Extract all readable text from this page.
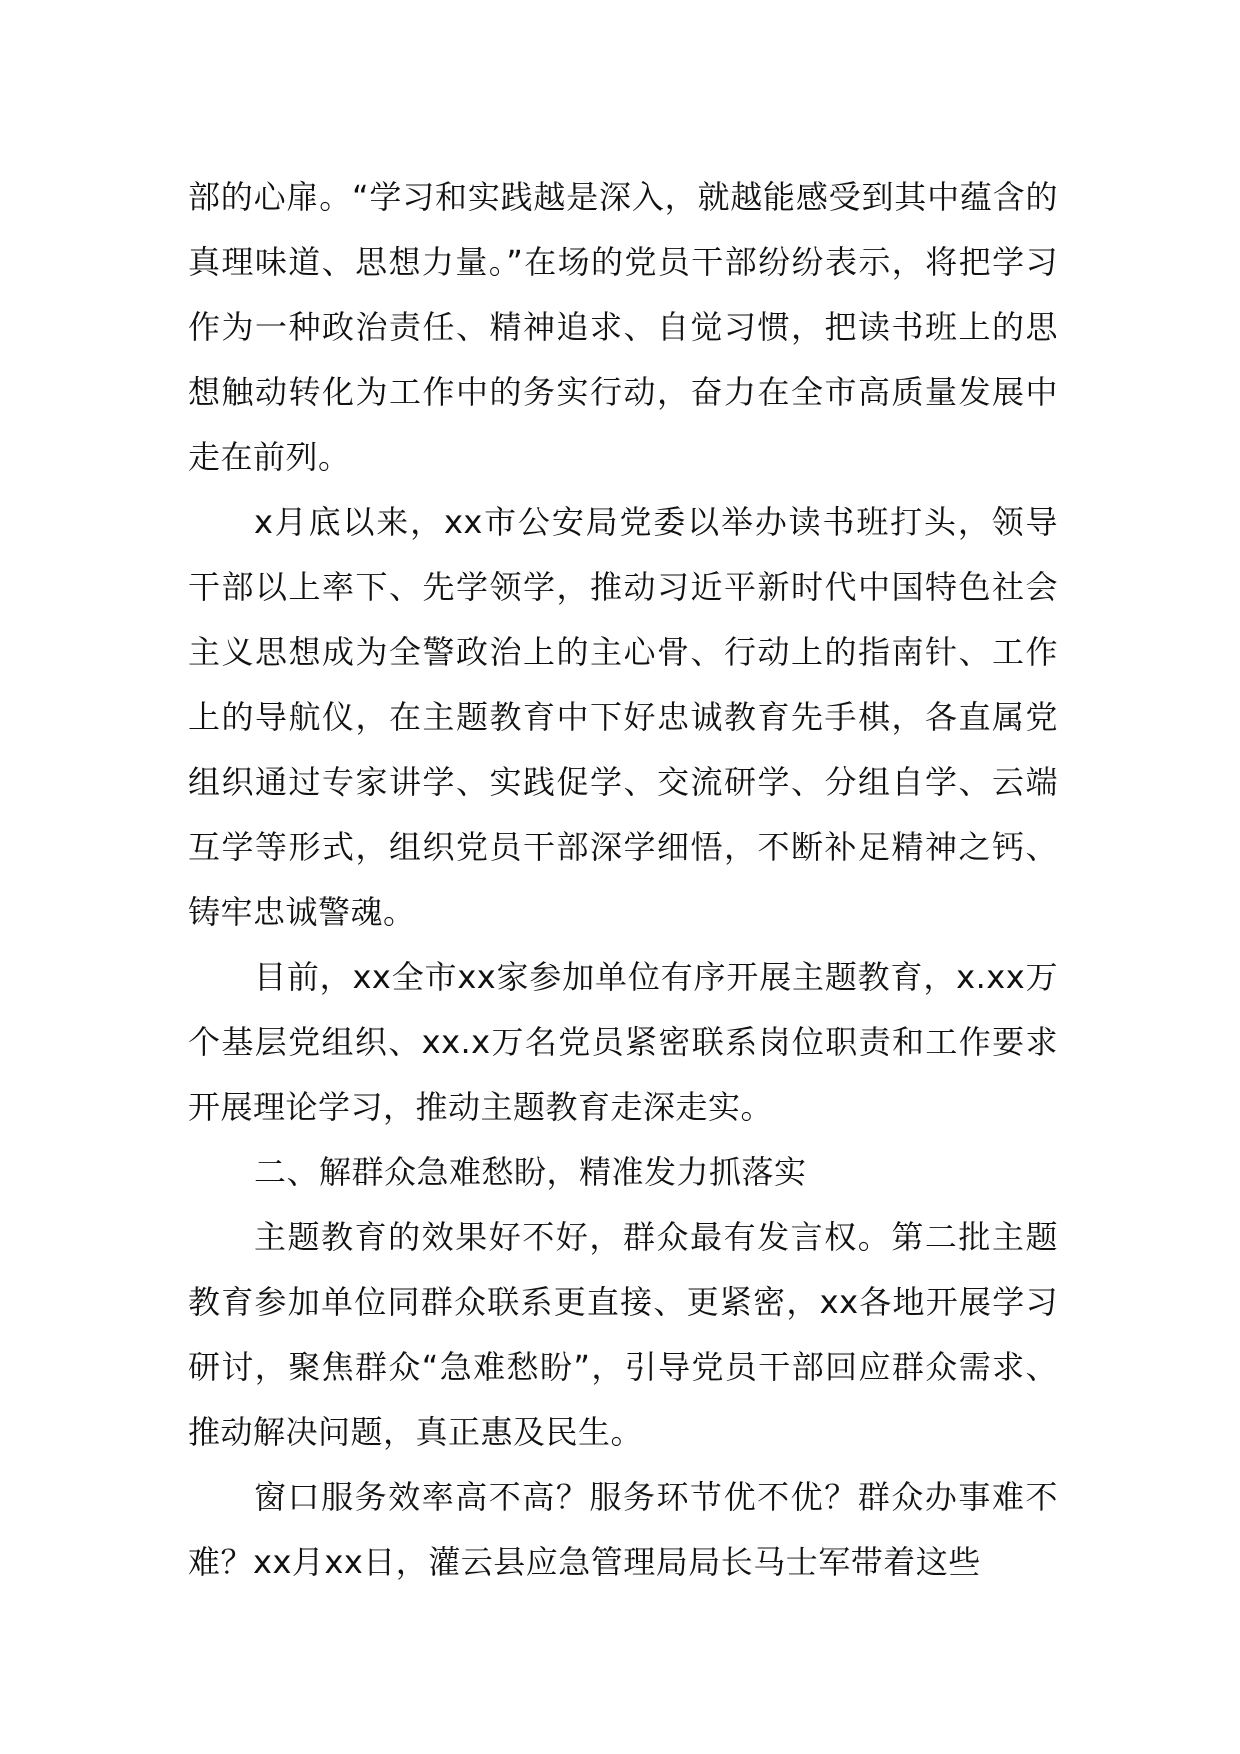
部的心扉。“学习和实践越是深入，就越能感受到其中蕴含的真理味道、思想力量。”在场的党员干部纷纷表示，将把学习作为一种政治责任、精神追求、自觉习惯，把读书班上的思想触动转化为工作中的务实行动，奋力在全市高质量发展中走在前列。

x月底以来，xx市公安局党委以举办读书班打头，领导干部以上率下、先学领学，推动习近平新时代中国特色社会主义思想成为全警政治上的主心骨、行动上的指南针、工作上的导航仪，在主题教育中下好忠诚教育先手棋，各直属党组织通过专家讲学、实践促学、交流研学、分组自学、云端互学等形式，组织党员干部深学细悟，不断补足精神之钙、铸牢忠诚警魂。

目前，xx全市xx家参加单位有序开展主题教育，x.xx万个基层党组织、xx.x万名党员紧密联系岗位职责和工作要求开展理论学习，推动主题教育走深走实。

二、解群众急难愁盼，精准发力抓落实

主题教育的效果好不好，群众最有发言权。第二批主题教育参加单位同群众联系更直接、更紧密，xx各地开展学习研讨，聚焦群众“急难愁盼”，引导党员干部回应群众需求、推动解决问题，真正惠及民生。

窗口服务效率高不高？服务环节优不优？群众办事难不难？xx月xx日，灌云县应急管理局局长马士军带着这些
